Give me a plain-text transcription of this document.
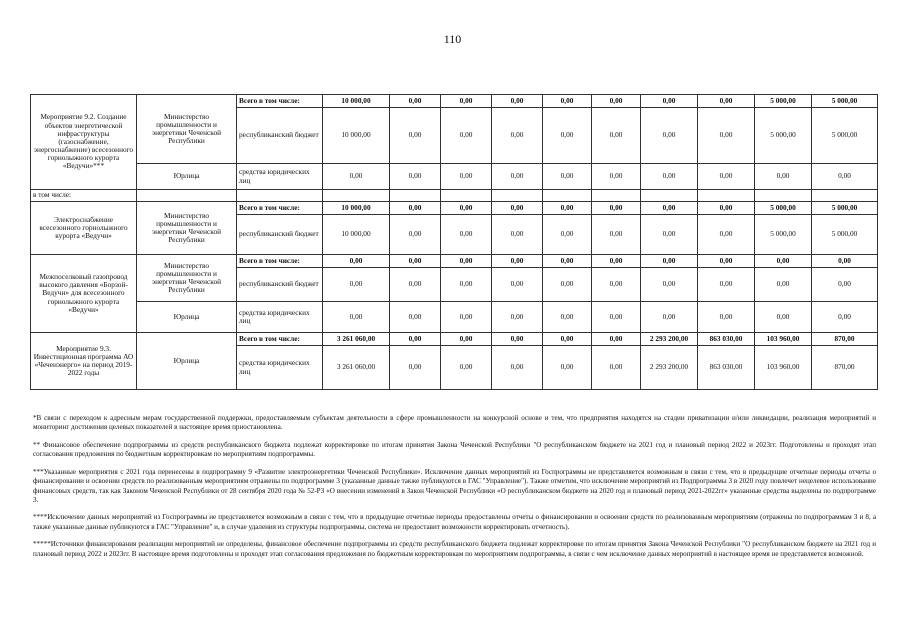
110
Мероприятие 9.2. Создание объектов энергетической инфраструктуры (газоснабжение, энергоснабжение) всесезонного горнолыжного курорта «Ведучи»***	Министерство промышленности и энергетики Чеченской Республики	Всего в том числе:	10 000,00	0,00	0,00	0,00	0,00	0,00	0,00	0,00	5 000,00	5 000,00
		республиканский бюджет	10 000,00	0,00	0,00	0,00	0,00	0,00	0,00	0,00	5 000,00	5 000,00
	Юрлица	средства юридических лиц	0,00	0,00	0,00	0,00	0,00	0,00	0,00	0,00	0,00	0,00
в том числе:												
Электроснабжение всесезонного горнолыжного курорта «Ведучи»	Министерство промышленности и энергетики Чеченской Республики	Всего в том числе:	10 000,00	0,00	0,00	0,00	0,00	0,00	0,00	0,00	5 000,00	5 000,00
		республиканский бюджет	10 000,00	0,00	0,00	0,00	0,00	0,00	0,00	0,00	5 000,00	5 000,00
Межпоселковый газопровод высокого давления «Борзой-Ведучи» для всесезонного горнолыжного курорта «Ведучи»	Министерство промышленности и энергетики Чеченской Республики	Всего в том числе:	0,00	0,00	0,00	0,00	0,00	0,00	0,00	0,00	0,00	0,00
		республиканский бюджет	0,00	0,00	0,00	0,00	0,00	0,00	0,00	0,00	0,00	0,00
	Юрлица	средства юридических лиц	0,00	0,00	0,00	0,00	0,00	0,00	0,00	0,00	0,00	0,00
Мероприятие 9.3. Инвестиционная программа АО «Чеченэнерго» на период 2019-2022 годы	Юрлица	Всего в том числе:	3 261 060,00	0,00	0,00	0,00	0,00	0,00	2 293 200,00	863 030,00	103 960,00	870,00
		средства юридических лиц	3 261 060,00	0,00	0,00	0,00	0,00	0,00	2 293 200,00	863 030,00	103 960,00	870,00

*В связи с переходом к адресным мерам государственной поддержки, предоставляемым субъектам деятельности в сфере промышленности на конкурсной основе и тем, что предприятия находятся на стадии приватизации и/или ликвидации, реализация мероприятий и мониторинг достижения целевых показателей в настоящее время приостановлена.

** Финансовое обеспечение подпрограммы из средств республиканского бюджета подлежат корректировке по итогам принятия Закона Чеченской Республики "О республиканском бюджете на 2021 год и плановый период 2022 и 2023гг. Подготовлены и проходят этап согласования предложения по бюджетным корректировкам по мероприятиям подпрограммы.

***Указанные мероприятия с 2021 года перенесены в подпрограмму 9 «Развитие электроэнергетики Чеченской Республики». Исключение данных мероприятий из Госпрограммы не представляется возможным в связи с тем, что в предыдущие отчетные периоды отчеты о финансировании и освоении средств по реализованным мероприятиям отражены по подпрограмме 3 (указанные данные также публикуются в ГАС "Управление"). Также отметим, что исключение мероприятий из Подпрограммы 3 в 2020 году повлечет нецелевое использование финансовых средств, так как Законом Чеченской Республики от 28 сентября 2020 года № 52-РЗ «О внесении изменений в Закон Чеченской Республики «О республиканском бюджете на 2020 год и плановый период 2021-2022гг» указанные средства выделены по подпрограмме 3.

****Исключение данных мероприятий из Госпрограммы не представляется возможным в связи с тем, что в предыдущие отчетные периоды предоставлены отчеты о финансировании и освоении средств по реализованным мероприятиям (отражены по подпрограммам 3 и 8, а также указанные данные публикуются в ГАС "Управление" и, в случае удаления из структуры подпрограммы, система не предоставит возможности корректировать отчетность).

*****Источники финансирования реализации мероприятий не определены, финансовое обеспечение подпрограммы из средств республиканского бюджета подлежат корректировке по итогам принятия Закона Чеченской Республики "О республиканском бюджете на 2021 год и плановый период 2022 и 2023гг. В настоящее время подготовлены и проходят этап согласования предложения по бюджетным корректировкам по мероприятиям подпрограммы, в связи с чем исключение данных мероприятий в настоящее время не представляется возможной.
